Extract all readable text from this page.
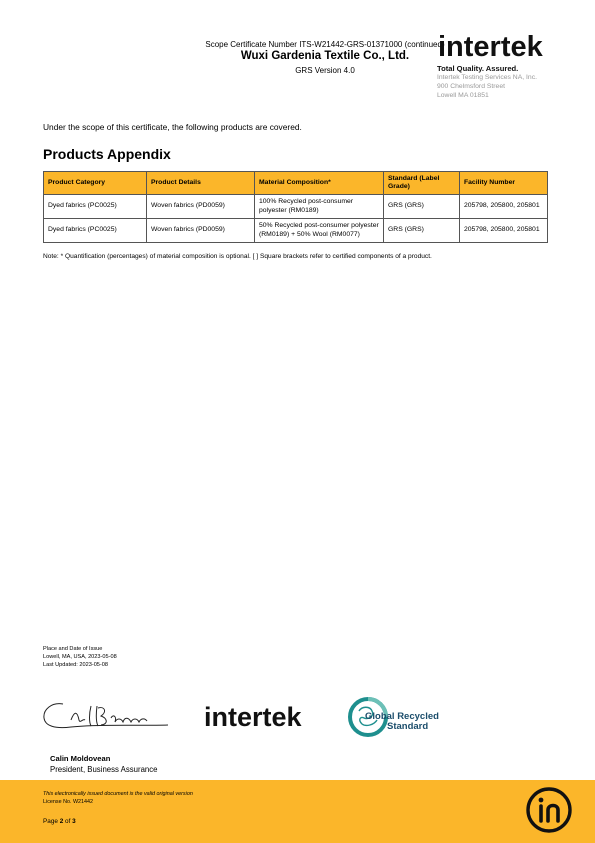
Scope Certificate Number ITS-W21442-GRS-01371000 (continued)
Wuxi Gardenia Textile Co., Ltd.
GRS Version 4.0
intertek
Total Quality. Assured.
Intertek Testing Services NA, Inc.
900 Chelmsford Street
Lowell MA 01851
Under the scope of this certificate, the following products are covered.
Products Appendix
Product Category	Product Details	Material Composition*	Standard (Label Grade)	Facility Number
Dyed fabrics (PC0025)	Woven fabrics (PD0059)	100% Recycled post-consumer polyester (RM0189)	GRS (GRS)	205798, 205800, 205801
Dyed fabrics (PC0025)	Woven fabrics (PD0059)	50% Recycled post-consumer polyester (RM0189) + 50% Wool (RM0077)	GRS (GRS)	205798, 205800, 205801
Note: * Quantification (percentages) of material composition is optional. [ ] Square brackets refer to certified components of a product.
Place and Date of Issue
Lowell, MA, USA, 2023-05-08
Last Updated: 2023-05-08
intertek	Global Recycled
Standard
Calin Moldovean
President, Business Assurance
This electronically issued document is the valid original version
License No. W21442
Page 2 of 3
